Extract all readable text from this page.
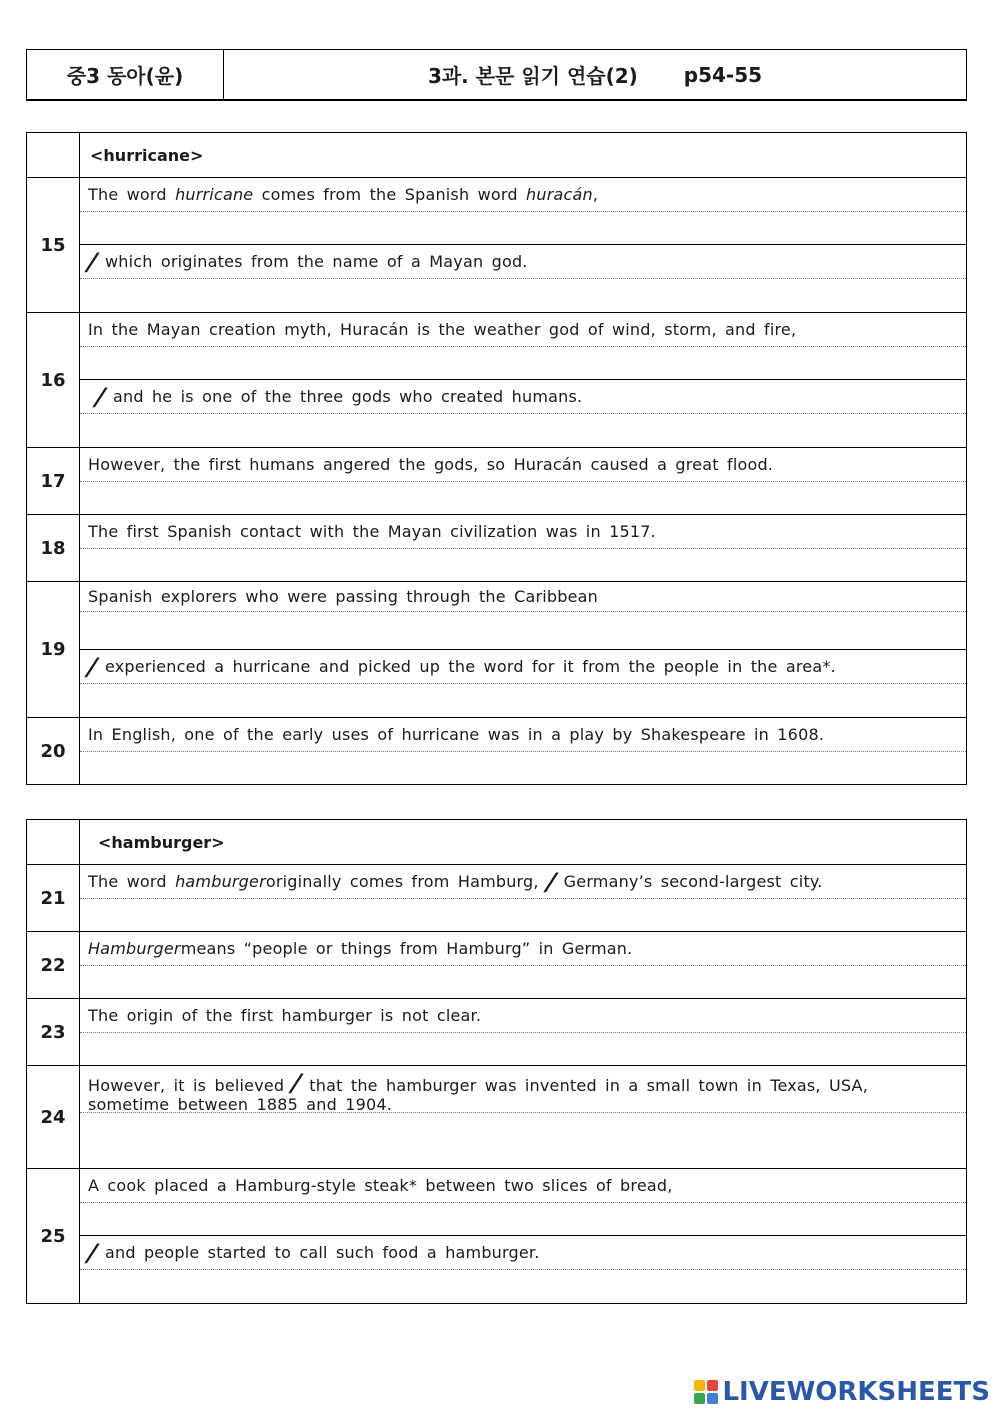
중3 동아(윤)	3과. 본문 읽기 연습(2) p54-55
	<hurricane>
15	The word hurricane comes from the Spanish word huracán,
/ which originates from the name of a Mayan god.

16	In the Mayan creation myth, Huracán is the weather god of wind, storm, and fire,
/ and he is one of the three gods who created humans.

17	However, the first humans angered the gods, so Huracán caused a great flood.

18	The first Spanish contact with the Mayan civilization was in 1517.

19	Spanish explorers who were passing through the Caribbean
/ experienced a hurricane and picked up the word for it from the people in the area*.

20	In English, one of the early uses of hurricane was in a play by Shakespeare in 1608.
	<hamburger>
21	The word
hamburger originally comes from Hamburg, / Germany’s second-largest city.

22	Hamburger means “people or things from Hamburg” in German.

23	The origin of the first hamburger is not clear.

24	However, it is believed / that the hamburger was invented in a small town in Texas, USA, sometime between 1885 and 1904.

25	A cook placed a Hamburg-style steak* between two slices of bread,
/ and people started to call such food a hamburger.
LIVEWORKSHEETS
